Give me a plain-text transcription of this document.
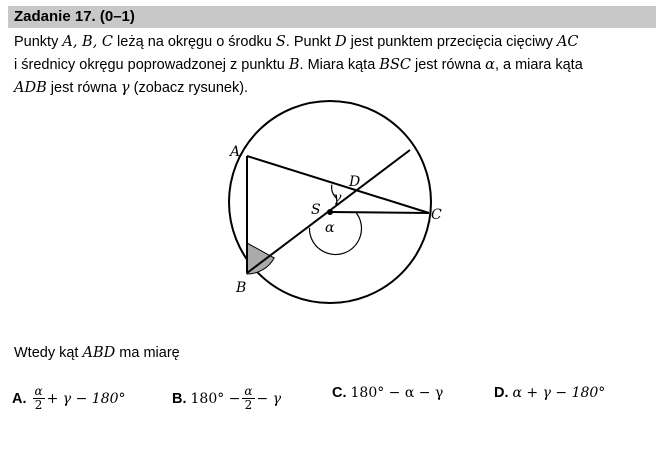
Zadanie 17. (0–1)
Punkty A, B, C leżą na okręgu o środku S. Punkt D jest punktem przecięcia cięciwy AC
i średnicy okręgu poprowadzonej z punktu B. Miara kąta BSC jest równa α, a miara kąta
ADB jest równa γ (zobacz rysunek).
A
B
C
D
S
γ
α
Wtedy kąt ABD ma miarę
A. $\frac{\alpha}{2} + \gamma - 180^\circ$	B. $180^\circ - \frac{\alpha}{2} - \gamma$	C. 180° − α − γ	D. α + γ − 180°
